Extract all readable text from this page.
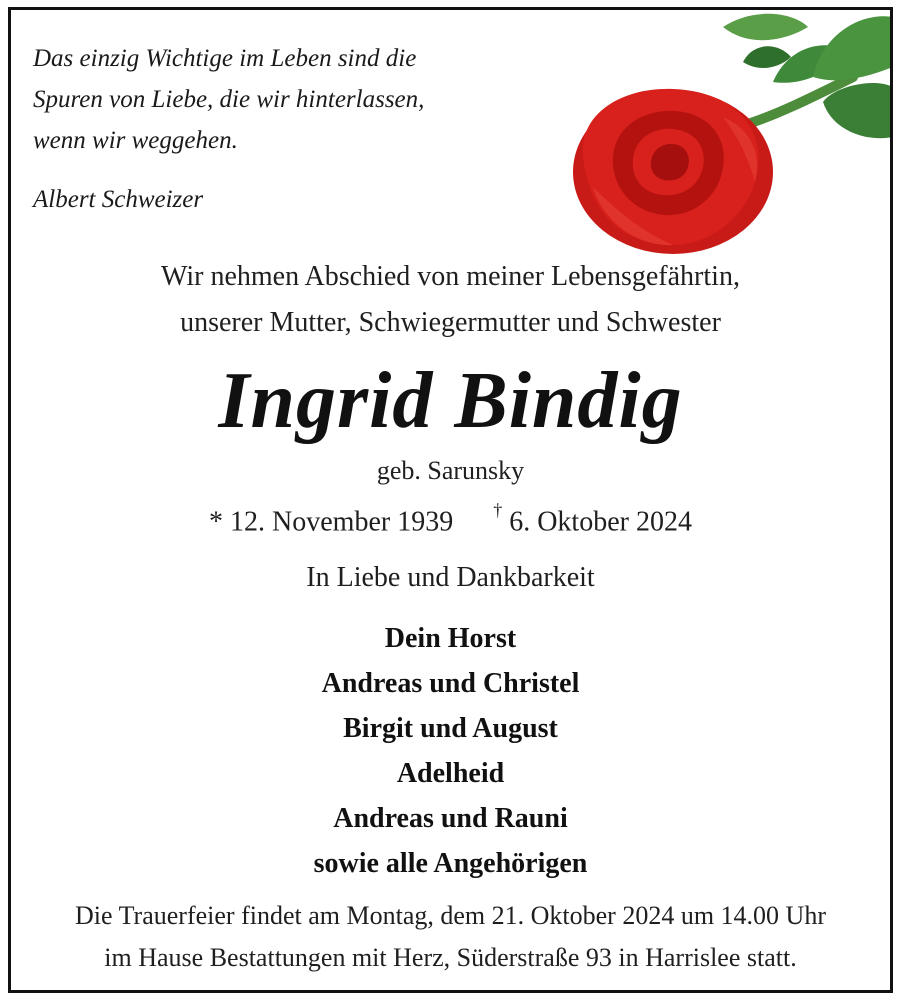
Das einzig Wichtige im Leben sind die
Spuren von Liebe, die wir hinterlassen,
wenn wir weggehen.
Albert Schweizer
Wir nehmen Abschied von meiner Lebensgefährtin,
unserer Mutter, Schwiegermutter und Schwester
Ingrid Bindig
geb. Sarunsky
* 12. November 1939 † 6. Oktober 2024
In Liebe und Dankbarkeit
Dein Horst
Andreas und Christel
Birgit und August
Adelheid
Andreas und Rauni
sowie alle Angehörigen
Die Trauerfeier findet am Montag, dem 21. Oktober 2024 um 14.00 Uhr
im Hause Bestattungen mit Herz, Süderstraße 93 in Harrislee statt.
